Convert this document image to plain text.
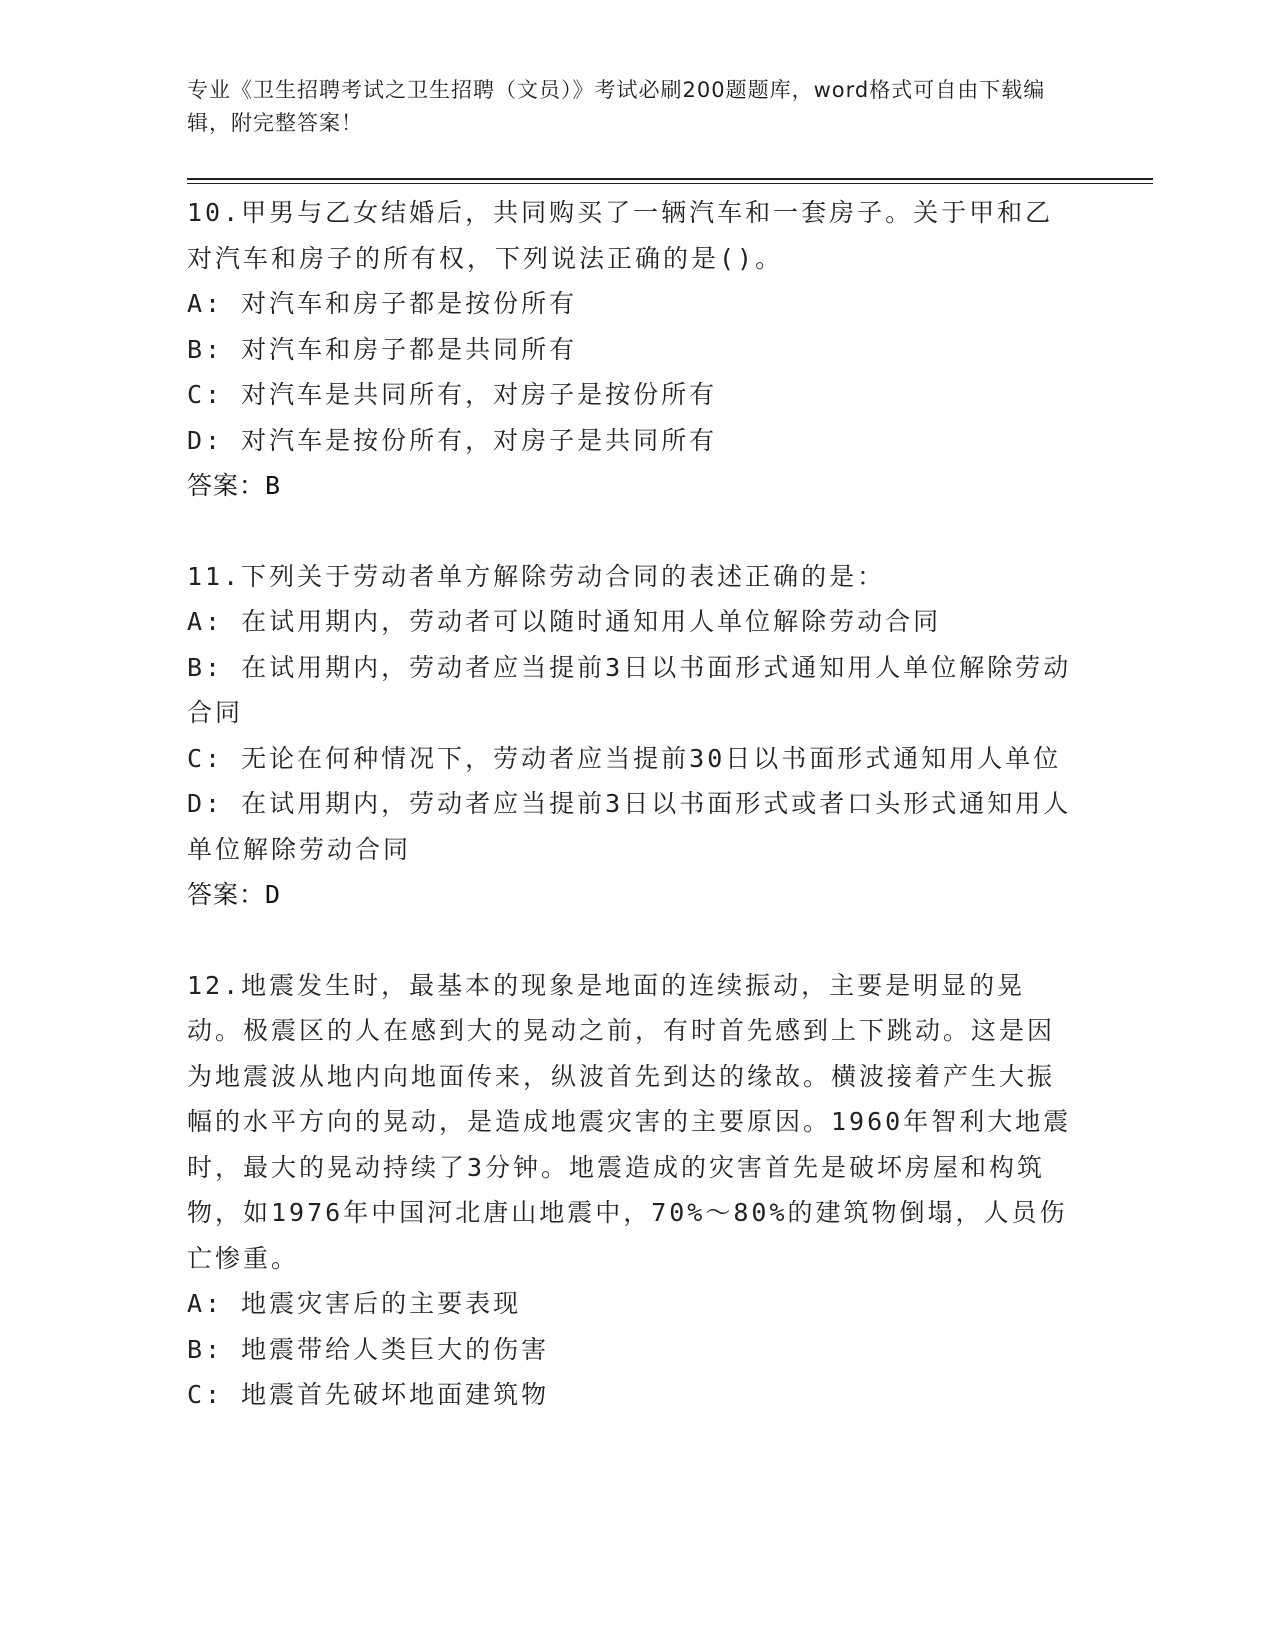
专业《卫生招聘考试之卫生招聘（文员）》考试必刷200题题库，word格式可自由下载编辑，附完整答案！
10.甲男与乙女结婚后，共同购买了一辆汽车和一套房子。关于甲和乙对汽车和房子的所有权，下列说法正确的是()。
A: 对汽车和房子都是按份所有
B: 对汽车和房子都是共同所有
C: 对汽车是共同所有，对房子是按份所有
D: 对汽车是按份所有，对房子是共同所有
答案：B
11.下列关于劳动者单方解除劳动合同的表述正确的是：
A: 在试用期内，劳动者可以随时通知用人单位解除劳动合同
B: 在试用期内，劳动者应当提前3日以书面形式通知用人单位解除劳动合同
C: 无论在何种情况下，劳动者应当提前30日以书面形式通知用人单位
D: 在试用期内，劳动者应当提前3日以书面形式或者口头形式通知用人单位解除劳动合同
答案：D
12.地震发生时，最基本的现象是地面的连续振动，主要是明显的晃动。极震区的人在感到大的晃动之前，有时首先感到上下跳动。这是因为地震波从地内向地面传来，纵波首先到达的缘故。横波接着产生大振幅的水平方向的晃动，是造成地震灾害的主要原因。1960年智利大地震时，最大的晃动持续了3分钟。地震造成的灾害首先是破坏房屋和构筑物，如1976年中国河北唐山地震中，70%～80%的建筑物倒塌，人员伤亡惨重。
A: 地震灾害后的主要表现
B: 地震带给人类巨大的伤害
C: 地震首先破坏地面建筑物
